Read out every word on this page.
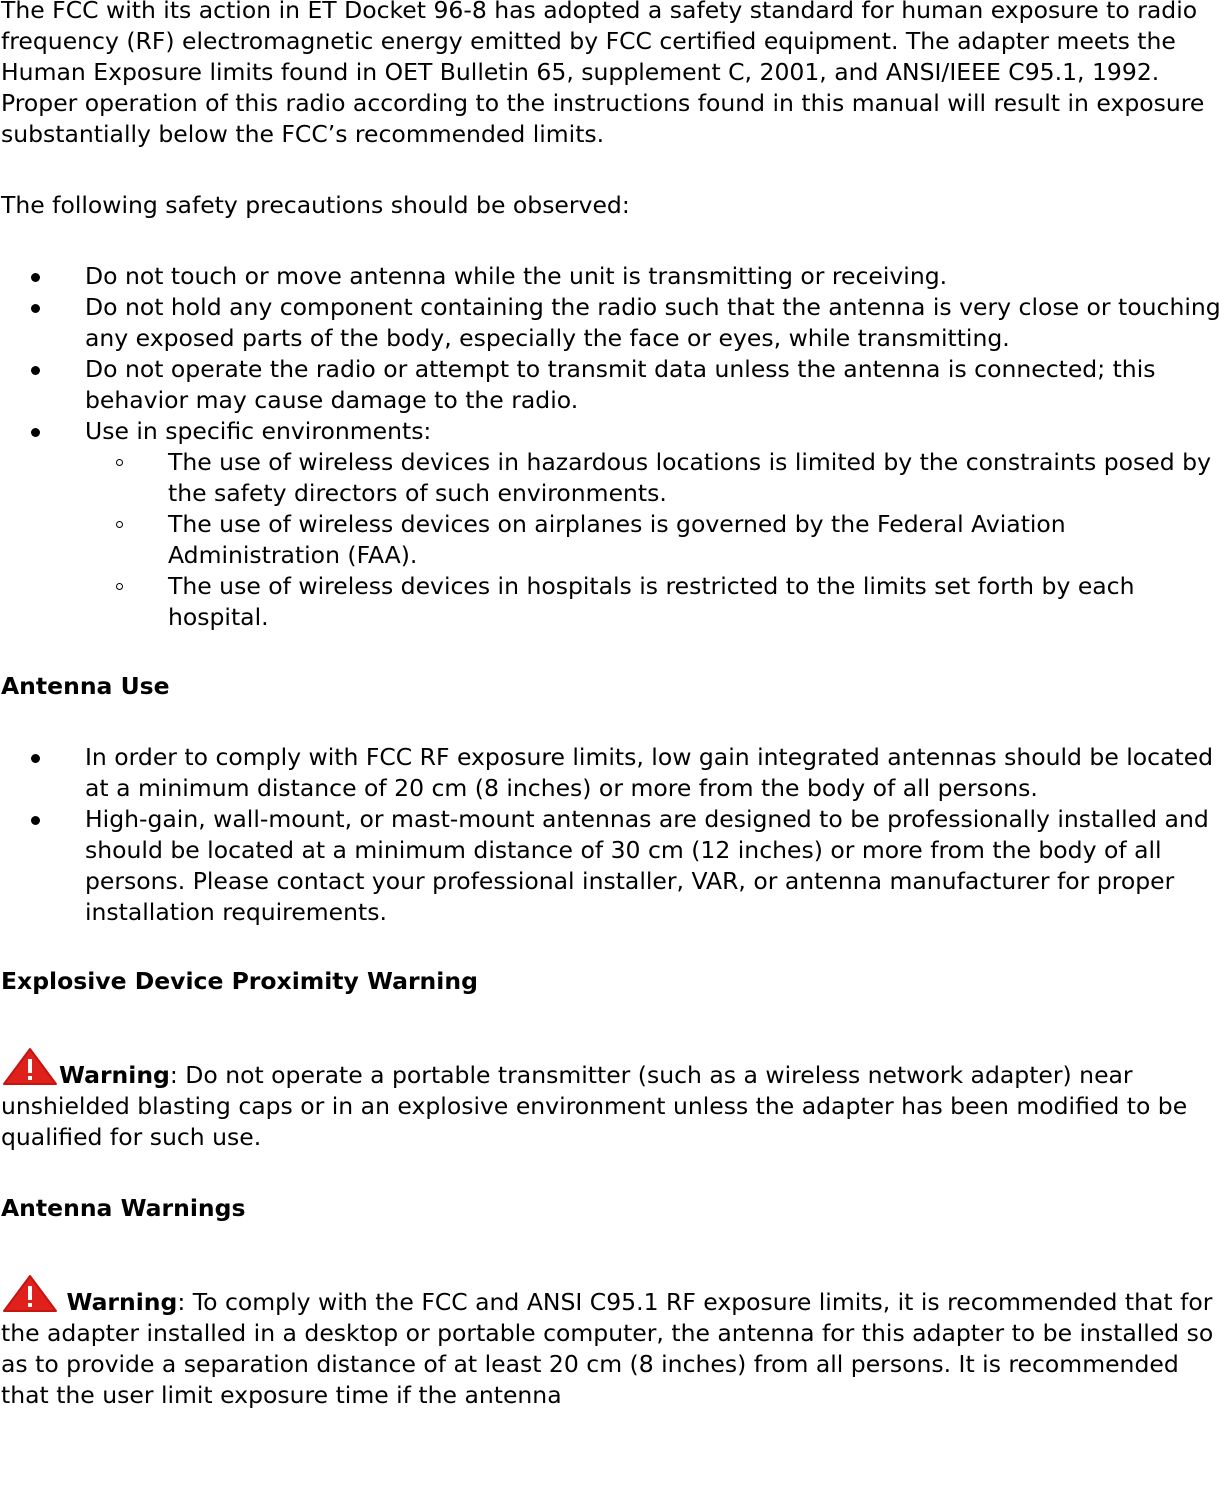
The FCC with its action in ET Docket 96-8 has adopted a safety standard for human exposure to radio frequency (RF) electromagnetic energy emitted by FCC certified equipment. The adapter meets the Human Exposure limits found in OET Bulletin 65, supplement C, 2001, and ANSI/IEEE C95.1, 1992. Proper operation of this radio according to the instructions found in this manual will result in exposure substantially below the FCC’s recommended limits.

The following safety precautions should be observed:

Do not touch or move antenna while the unit is transmitting or receiving.
Do not hold any component containing the radio such that the antenna is very close or touching any exposed parts of the body, especially the face or eyes, while transmitting.
Do not operate the radio or attempt to transmit data unless the antenna is connected; this behavior may cause damage to the radio.
Use in specific environments:
The use of wireless devices in hazardous locations is limited by the constraints posed by the safety directors of such environments.
The use of wireless devices on airplanes is governed by the Federal Aviation Administration (FAA).
The use of wireless devices in hospitals is restricted to the limits set forth by each hospital.
Antenna Use
In order to comply with FCC RF exposure limits, low gain integrated antennas should be located at a minimum distance of 20 cm (8 inches) or more from the body of all persons.
High-gain, wall-mount, or mast-mount antennas are designed to be professionally installed and should be located at a minimum distance of 30 cm (12 inches) or more from the body of all persons. Please contact your professional installer, VAR, or antenna manufacturer for proper installation requirements.
Explosive Device Proximity Warning

Warning: Do not operate a portable transmitter (such as a wireless network adapter) near unshielded blasting caps or in an explosive environment unless the adapter has been modified to be qualified for such use.

Antenna Warnings

Warning: To comply with the FCC and ANSI C95.1 RF exposure limits, it is recommended that for the adapter installed in a desktop or portable computer, the antenna for this adapter to be installed so as to provide a separation distance of at least 20 cm (8 inches) from all persons. It is recommended that the user limit exposure time if the antenna
